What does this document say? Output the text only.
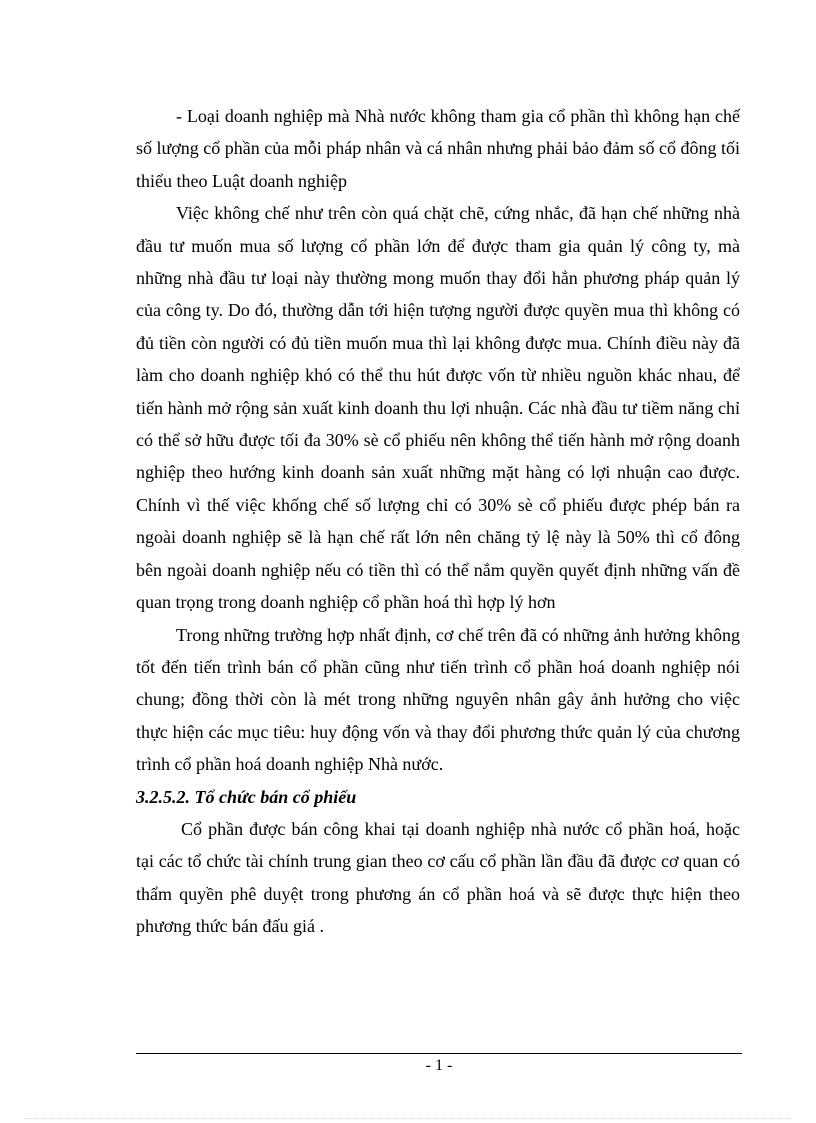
- Loại doanh nghiệp mà Nhà nước không tham gia cổ phần thì không hạn chế số lượng cổ phần của mỗi pháp nhân và cá nhân nhưng phải bảo đảm số cổ đông tối thiểu theo Luật doanh nghiệp

Việc không chế như trên còn quá chặt chẽ, cứng nhắc, đã hạn chế những nhà đầu tư muốn mua số lượng cổ phần lớn để được tham gia quản lý công ty, mà những nhà đầu tư loại này thường mong muốn thay đổi hẳn phương pháp quản lý của công ty. Do đó, thường dẫn tới hiện tượng người được quyền mua thì không có đủ tiền còn người có đủ tiền muốn mua thì lại không được mua. Chính điều này đã làm cho doanh nghiệp khó có thể thu hút được vốn từ nhiều nguồn khác nhau, để tiến hành mở rộng sản xuất kinh doanh thu lợi nhuận. Các nhà đầu tư tiềm năng chỉ có thể sở hữu được tối đa 30% sè cổ phiếu nên không thể tiến hành mở rộng doanh nghiệp theo hướng kinh doanh sản xuất những mặt hàng có lợi nhuận cao được. Chính vì thế việc khống chế số lượng chỉ có 30% sè cổ phiếu được phép bán ra ngoài doanh nghiệp sẽ là hạn chế rất lớn nên chăng tỷ lệ này là 50% thì cổ đông bên ngoài doanh nghiệp nếu có tiền thì có thể nắm quyền quyết định những vấn đề quan trọng trong doanh nghiệp cổ phần hoá thì hợp lý hơn

Trong những trường hợp nhất định, cơ chế trên đã có những ảnh hưởng không tốt đến tiến trình bán cổ phần cũng như tiến trình cổ phần hoá doanh nghiệp nói chung; đồng thời còn là mét trong những nguyên nhân gây ảnh hưởng cho việc thực hiện các mục tiêu: huy động vốn và thay đổi phương thức quản lý của chương trình cổ phần hoá doanh nghiệp Nhà nước.

3.2.5.2. Tổ chức bán cổ phiếu

Cổ phần được bán công khai tại doanh nghiệp nhà nước cổ phần hoá, hoặc tại các tổ chức tài chính trung gian theo cơ cấu cổ phần lần đầu đã được cơ quan có thẩm quyền phê duyệt trong phương án cổ phần hoá và sẽ được thực hiện theo phương thức bán đấu giá .

- 1 -
